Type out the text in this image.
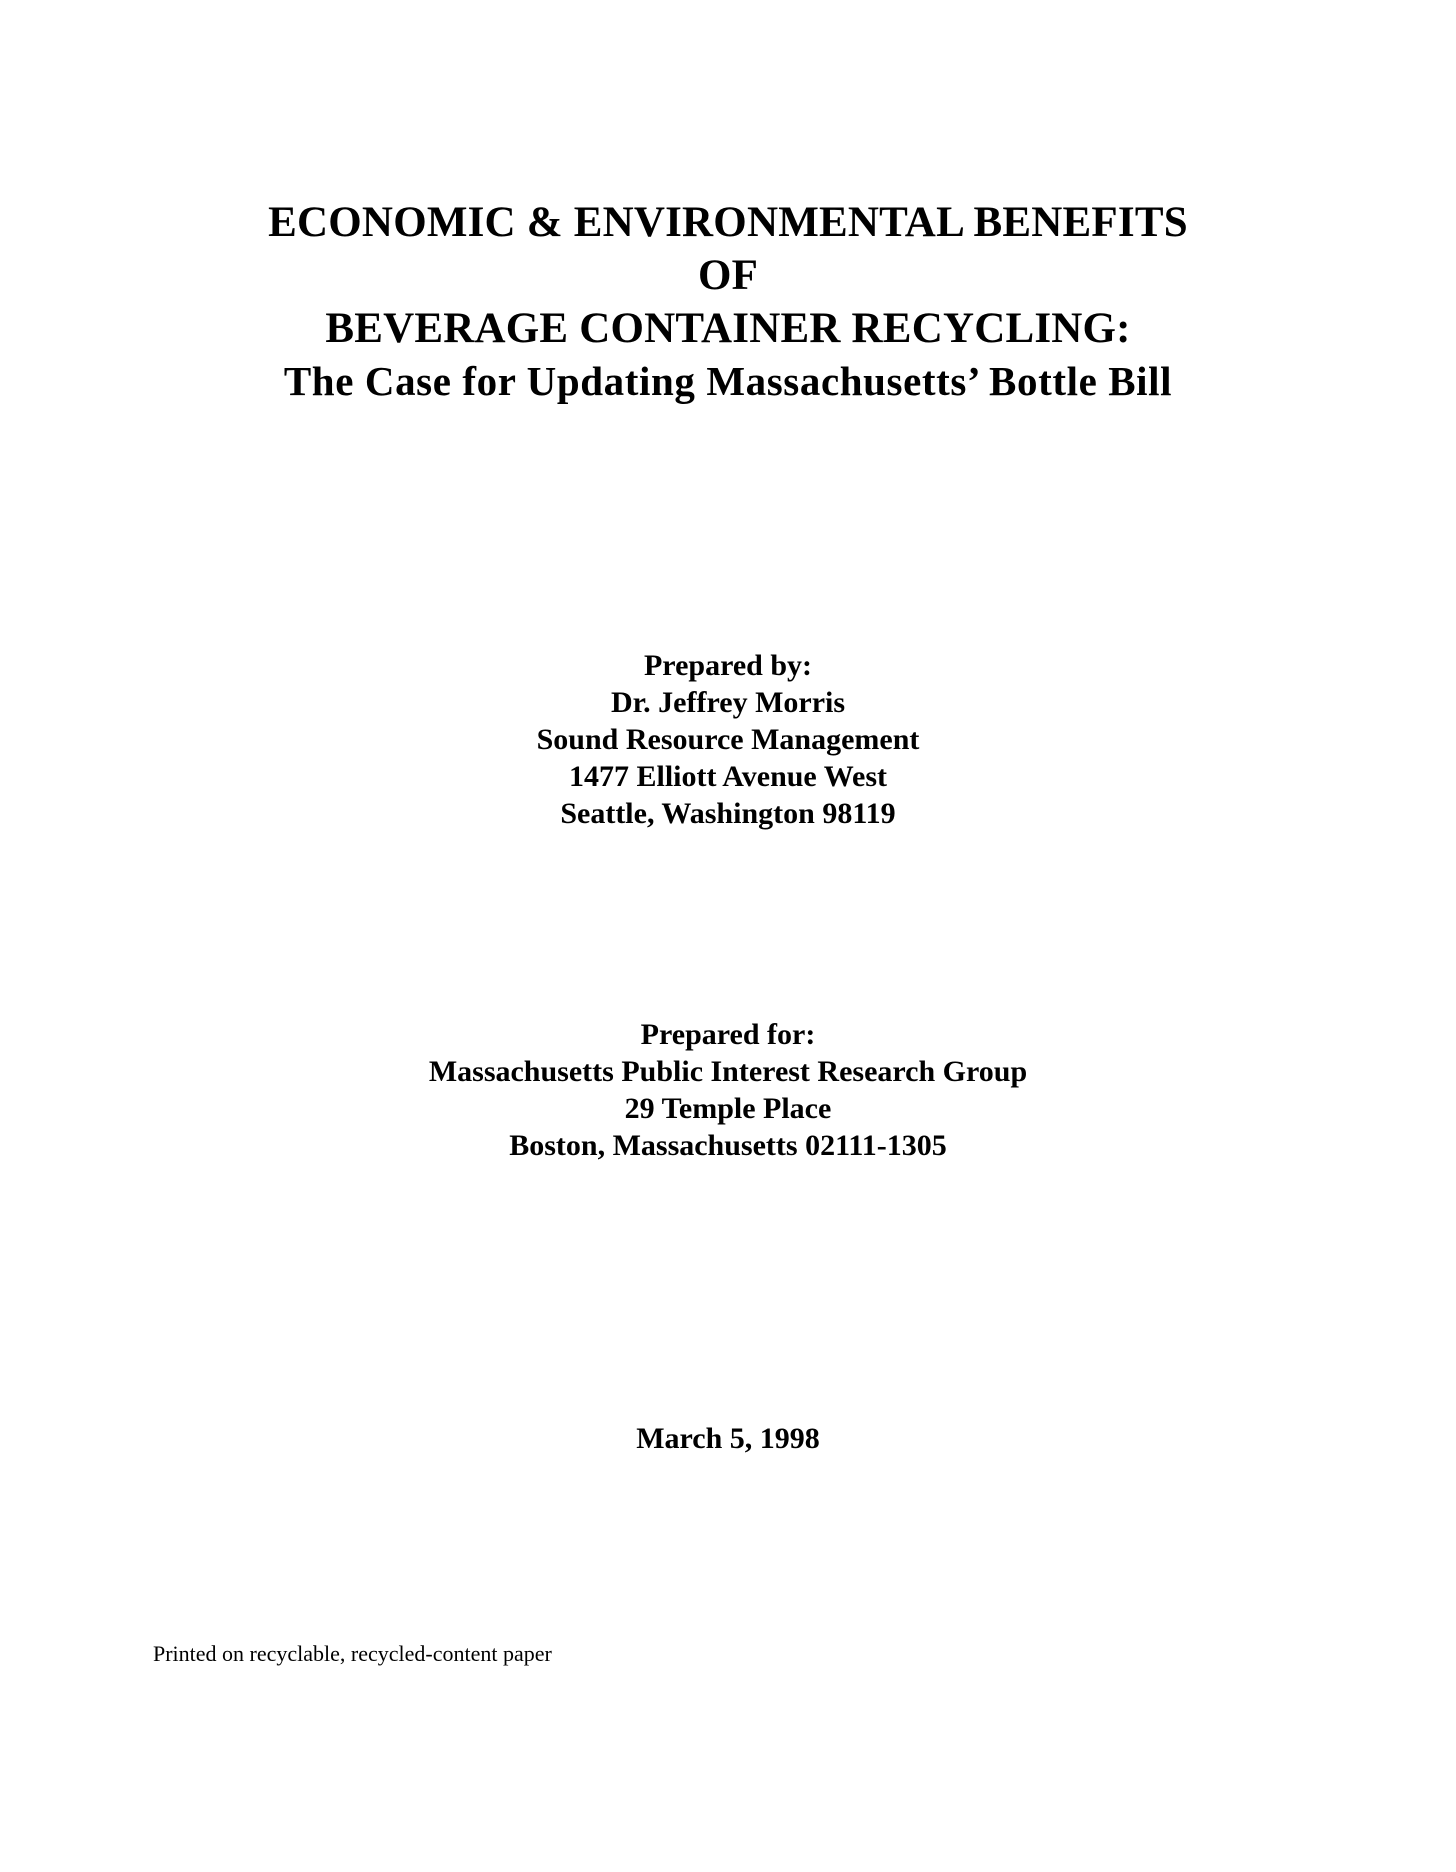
ECONOMIC & ENVIRONMENTAL BENEFITS
OF
BEVERAGE CONTAINER RECYCLING:
The Case for Updating Massachusetts’ Bottle Bill
Prepared by:
Dr. Jeffrey Morris
Sound Resource Management
1477 Elliott Avenue West
Seattle, Washington 98119
Prepared for:
Massachusetts Public Interest Research Group
29 Temple Place
Boston, Massachusetts 02111-1305
March 5, 1998
Printed on recyclable, recycled-content paper
